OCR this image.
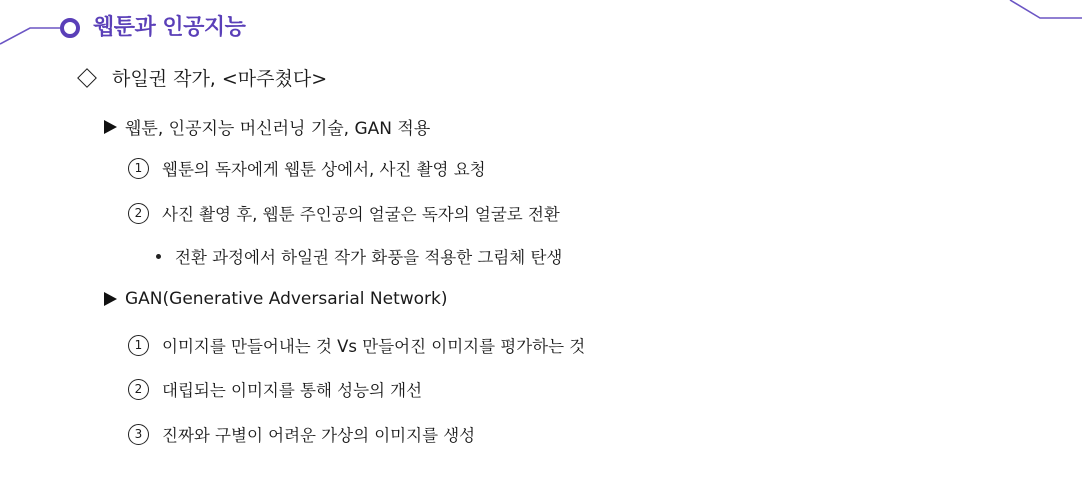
웹툰과 인공지능
하일권 작가, <마주쳤다>
웹툰, 인공지능 머신러닝 기술, GAN 적용
1	웹툰의 독자에게 웹툰 상에서, 사진 촬영 요청
2	사진 촬영 후, 웹툰 주인공의 얼굴은 독자의 얼굴로 전환
전환 과정에서 하일권 작가 화풍을 적용한 그림체 탄생
GAN(Generative Adversarial Network)
1	이미지를 만들어내는 것 Vs 만들어진 이미지를 평가하는 것
2	대립되는 이미지를 통해 성능의 개선
3	진짜와 구별이 어려운 가상의 이미지를 생성
